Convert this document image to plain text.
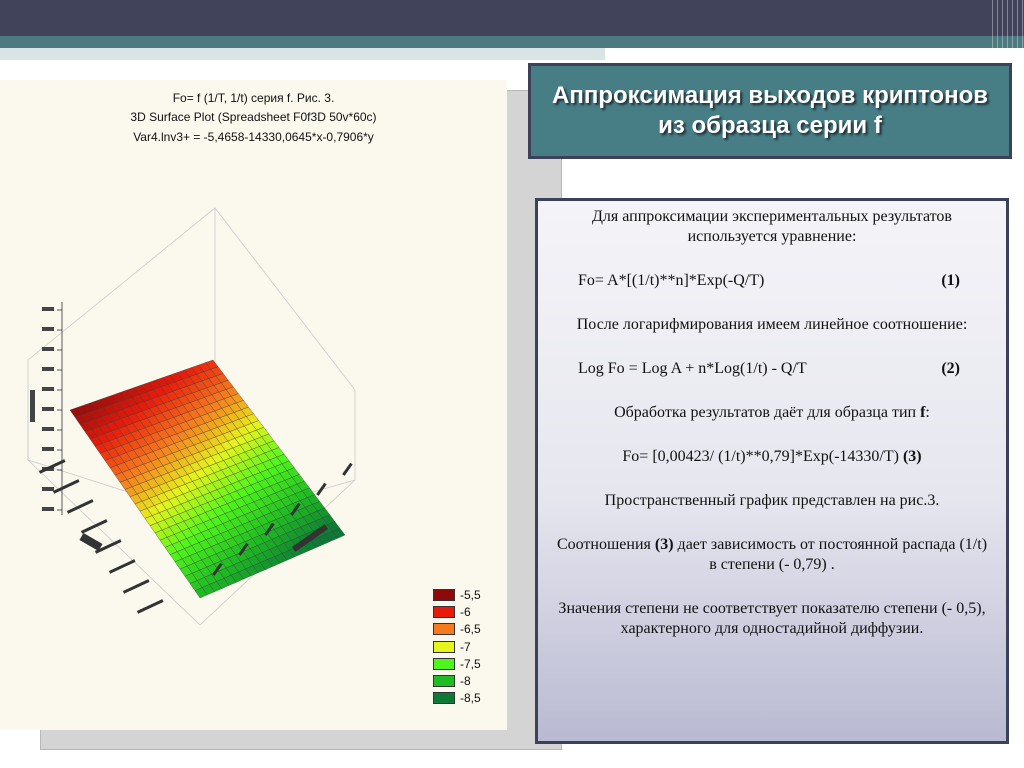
Fo= f (1/T, 1/t) серия f. Рис. 3.
3D Surface Plot (Spreadsheet F0f3D 50v*60c)
Var4.lnv3+ = -5,4658-14330,0645*x-0,7906*y
-5,5
-6
-6,5
-7
-7,5
-8
-8,5
Аппроксимация выходов криптонов
из образца серии f

Для аппроксимации экспериментальных результатов используется уравнение:

Fo= A*[(1/t)**n]*Exp(-Q/T)	(1)

После логарифмирования имеем линейное соотношение:

Log Fo = Log A + n*Log(1/t) - Q/T	(2)

Обработка результатов даёт для образца тип f:

Fo= [0,00423/ (1/t)**0,79]*Exp(-14330/T) (3)

Пространственный график представлен на рис.3.

Соотношения (3) дает зависимость от постоянной распада (1/t) в степени (- 0,79) .

Значения степени не соответствует показателю степени (- 0,5), характерного для одностадийной диффузии.
